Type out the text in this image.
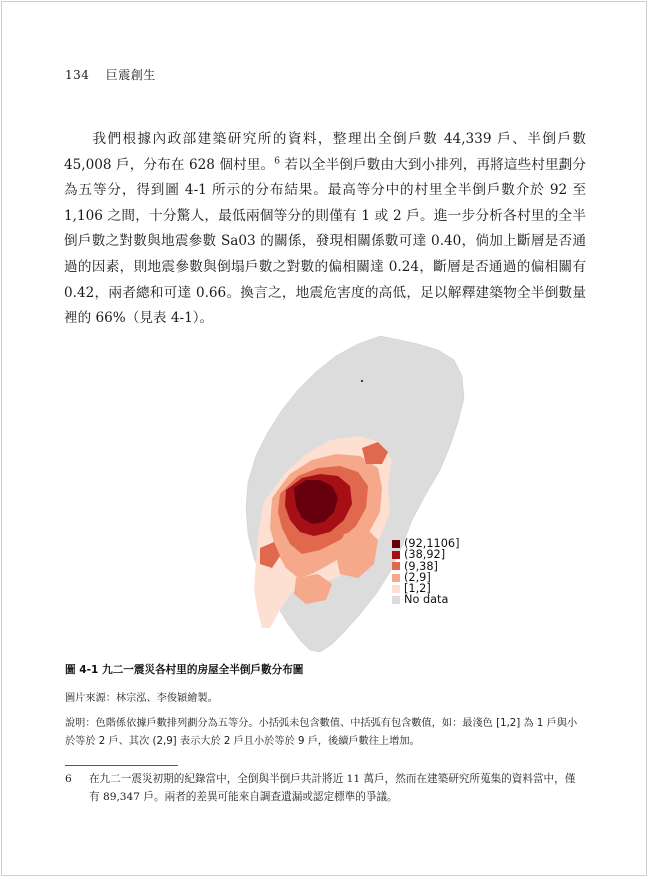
134 巨震創生

我們根據內政部建築研究所的資料，整理出全倒戶數 44,339 戶、半倒戶數 45,008 戶，分布在 628 個村里。$^6$ 若以全半倒戶數由大到小排列，再將這些村里劃分為五等分，得到圖 4-1 所示的分布結果。最高等分中的村里全半倒戶數介於 92 至 1,106 之間，十分驚人，最低兩個等分的則僅有 1 或 2 戶。進一步分析各村里的全半倒戶數之對數與地震參數 Sa03 的關係，發現相關係數可達 0.40，倘加上斷層是否通過的因素，則地震參數與倒塌戶數之對數的偏相關達 0.24，斷層是否通過的偏相關有 0.42，兩者總和可達 0.66。換言之，地震危害度的高低，足以解釋建築物全半倒數量裡的 66%（見表 4-1）。

(92,1106]
(38,92]
(9,38]
(2,9]
[1,2]
No data
圖 4-1 九二一震災各村里的房屋全半倒戶數分布圖
圖片來源：林宗泓、李俊穎繪製。

說明：色階係依據戶數排列劃分為五等分。小括弧未包含數值、中括弧有包含數值，如：最淺色 [1,2] 為 1 戶與小於等於 2 戶、其次 (2,9] 表示大於 2 戶且小於等於 9 戶，後續戶數往上增加。

6 在九二一震災初期的紀錄當中，全倒與半倒戶共計將近 11 萬戶，然而在建築研究所蒐集的資料當中，僅有 89,347 戶。兩者的差異可能來自調查遺漏或認定標準的爭議。
